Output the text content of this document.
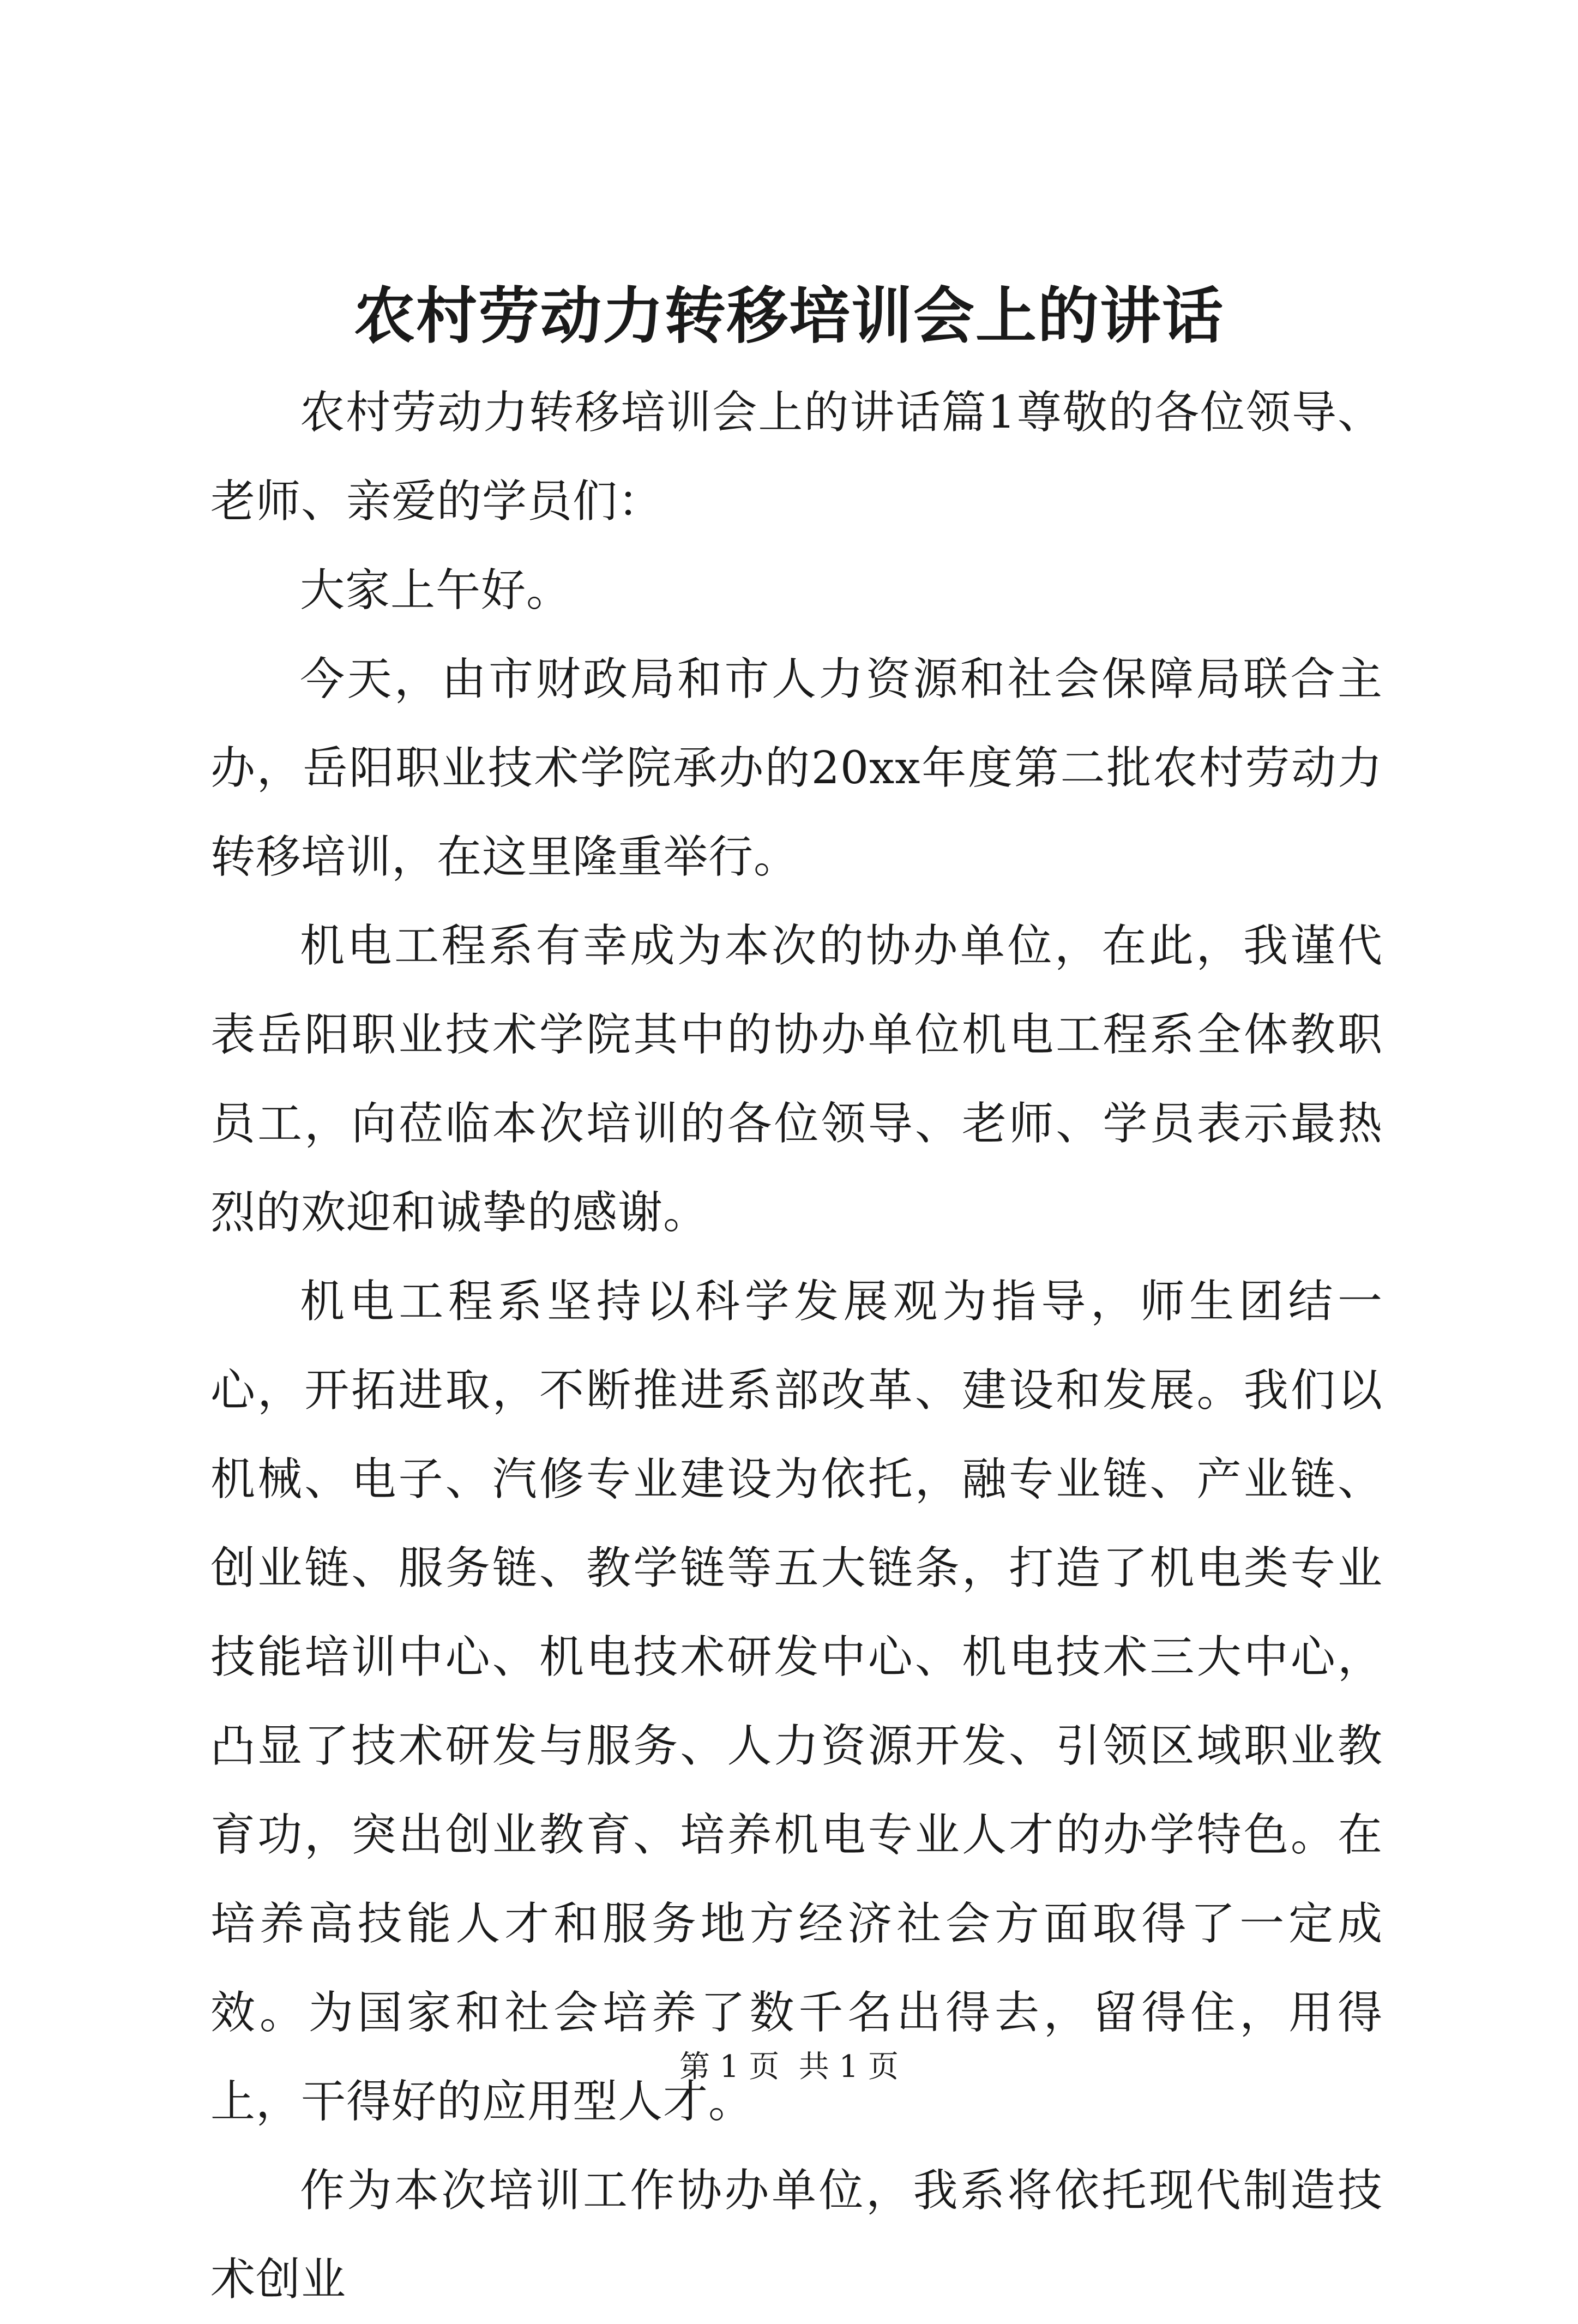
农村劳动力转移培训会上的讲话

农村劳动力转移培训会上的讲话篇1尊敬的各位领导、老师、亲爱的学员们：

大家上午好。

今天，由市财政局和市人力资源和社会保障局联合主办，岳阳职业技术学院承办的20xx年度第二批农村劳动力转移培训，在这里隆重举行。

机电工程系有幸成为本次的协办单位，在此，我谨代表岳阳职业技术学院其中的协办单位机电工程系全体教职员工，向莅临本次培训的各位领导、老师、学员表示最热烈的欢迎和诚挚的感谢。

机电工程系坚持以科学发展观为指导，师生团结一心，开拓进取，不断推进系部改革、建设和发展。我们以机械、电子、汽修专业建设为依托，融专业链、产业链、创业链、服务链、教学链等五大链条，打造了机电类专业技能培训中心、机电技术研发中心、机电技术三大中心，凸显了技术研发与服务、人力资源开发、引领区域职业教育功，突出创业教育、培养机电专业人才的办学特色。在培养高技能人才和服务地方经济社会方面取得了一定成效。为国家和社会培养了数千名出得去，留得住，用得上，干得好的应用型人才。

作为本次培训工作协办单位，我系将依托现代制造技术创业

第 1 页  共 1 页
